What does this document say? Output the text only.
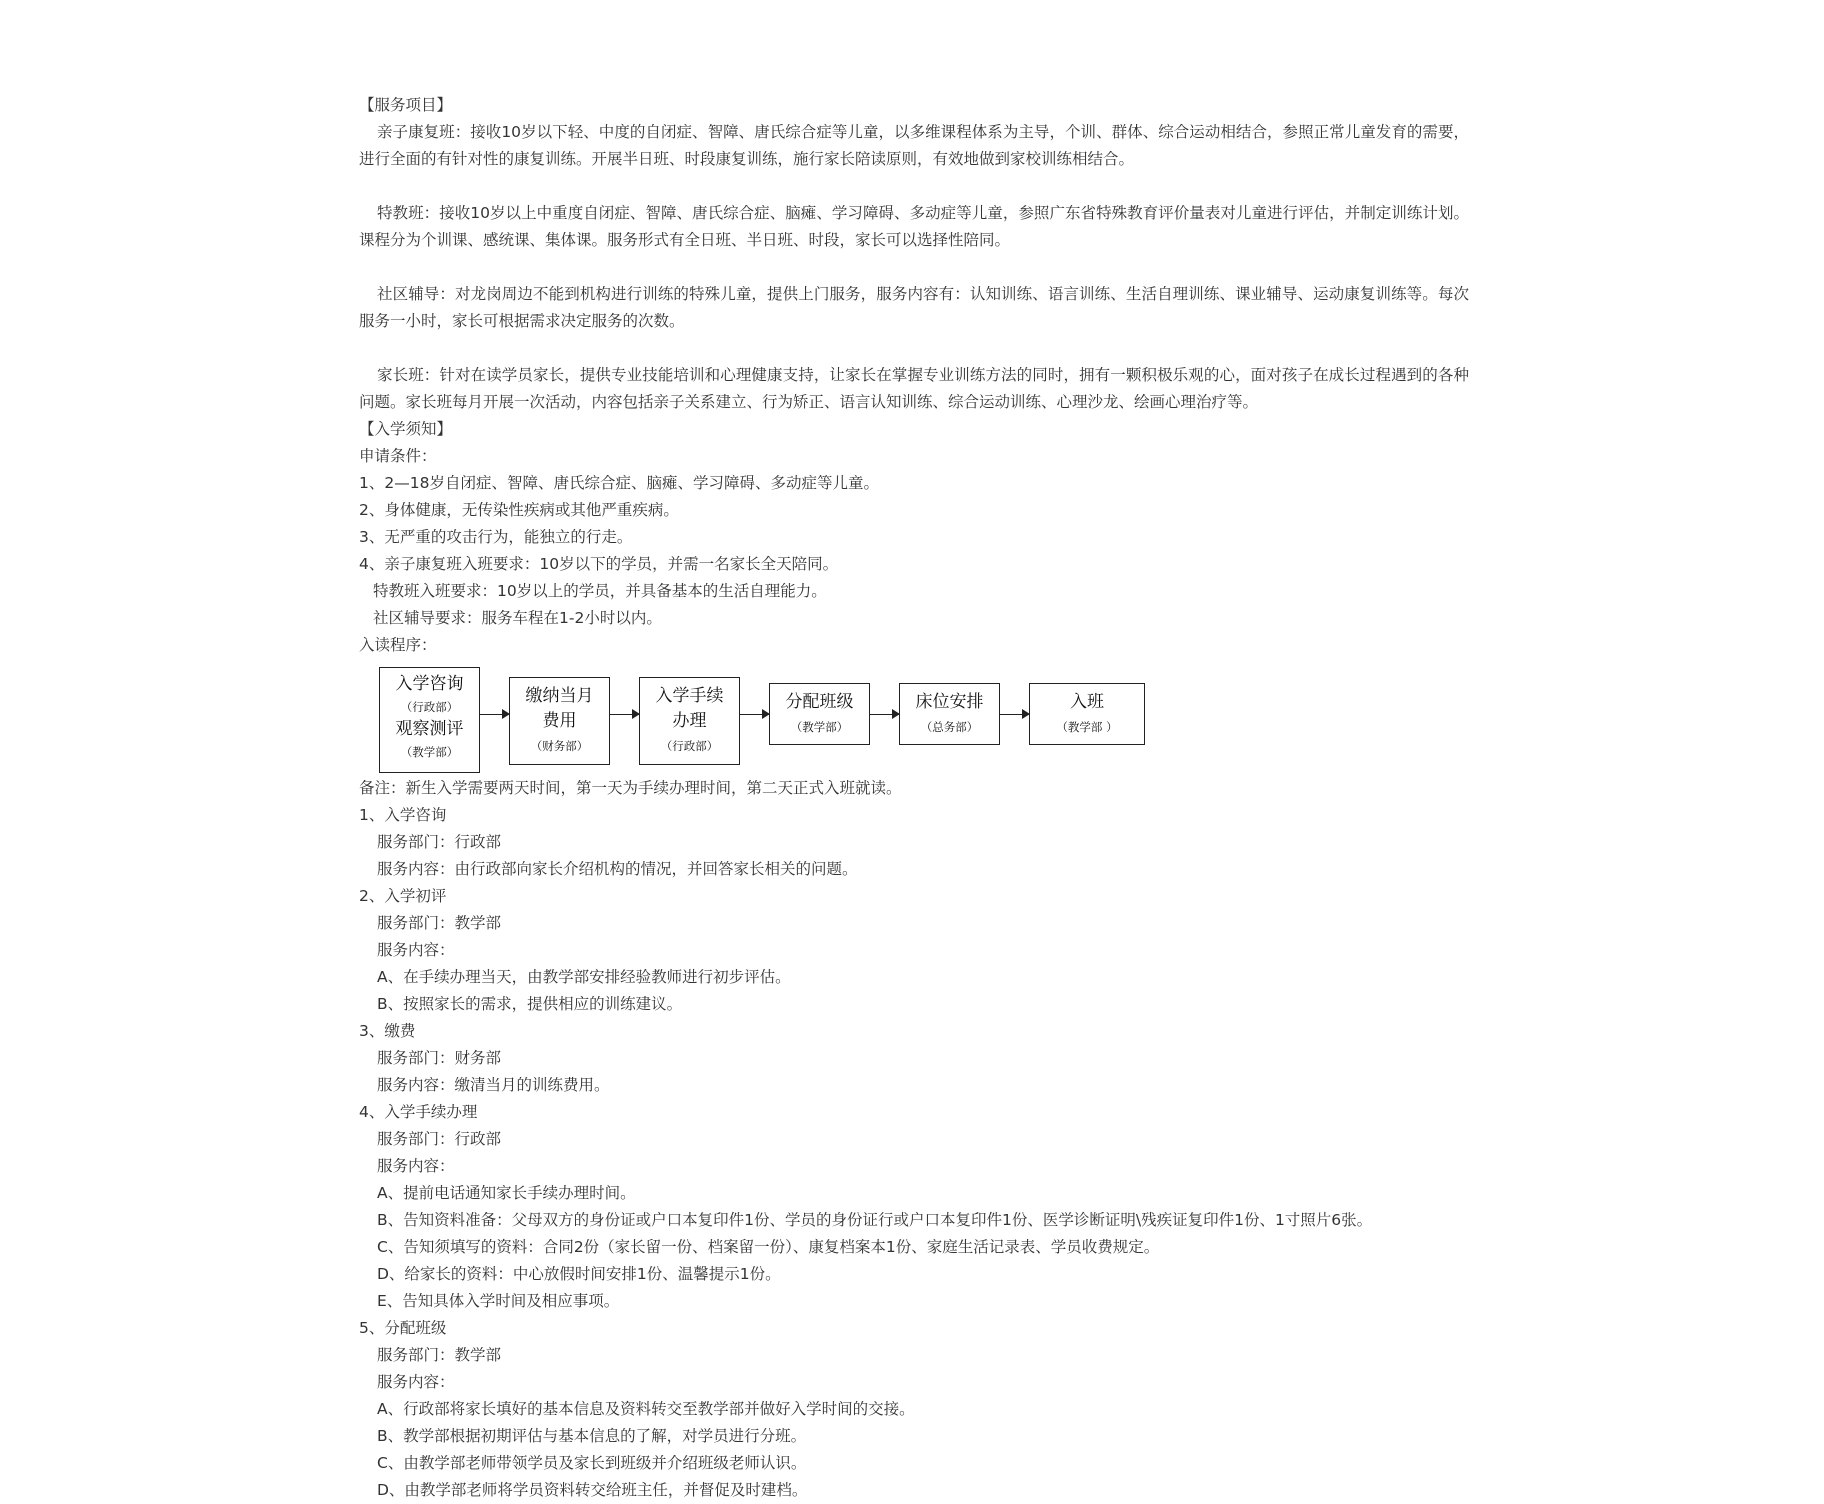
【服务项目】
亲子康复班：接收10岁以下轻、中度的自闭症、智障、唐氏综合症等儿童，以多维课程体系为主导，个训、群体、综合运动相结合，参照正常儿童发育的需要，进行全面的有针对性的康复训练。开展半日班、时段康复训练，施行家长陪读原则，有效地做到家校训练相结合。
特教班：接收10岁以上中重度自闭症、智障、唐氏综合症、脑瘫、学习障碍、多动症等儿童，参照广东省特殊教育评价量表对儿童进行评估，并制定训练计划。课程分为个训课、感统课、集体课。服务形式有全日班、半日班、时段，家长可以选择性陪同。
社区辅导：对龙岗周边不能到机构进行训练的特殊儿童，提供上门服务，服务内容有：认知训练、语言训练、生活自理训练、课业辅导、运动康复训练等。每次服务一小时，家长可根据需求决定服务的次数。
家长班：针对在读学员家长，提供专业技能培训和心理健康支持，让家长在掌握专业训练方法的同时，拥有一颗积极乐观的心，面对孩子在成长过程遇到的各种问题。家长班每月开展一次活动，内容包括亲子关系建立、行为矫正、语言认知训练、综合运动训练、心理沙龙、绘画心理治疗等。
【入学须知】
申请条件：
1、2—18岁自闭症、智障、唐氏综合症、脑瘫、学习障碍、多动症等儿童。
2、身体健康，无传染性疾病或其他严重疾病。
3、无严重的攻击行为，能独立的行走。
4、亲子康复班入班要求：10岁以下的学员，并需一名家长全天陪同。
特教班入班要求：10岁以上的学员，并具备基本的生活自理能力。
社区辅导要求：服务车程在1-2小时以内。
入读程序：
入学咨询
（行政部）
观察测评
（教学部）
缴纳当月
费用
（财务部）
入学手续
办理
（行政部）
分配班级
（教学部）
床位安排
（总务部）
入班
（教学部 ）
备注：新生入学需要两天时间，第一天为手续办理时间，第二天正式入班就读。
1、入学咨询
服务部门：行政部
服务内容：由行政部向家长介绍机构的情况，并回答家长相关的问题。
2、入学初评
服务部门：教学部
服务内容：
A、在手续办理当天，由教学部安排经验教师进行初步评估。
B、按照家长的需求，提供相应的训练建议。
3、缴费
服务部门：财务部
服务内容：缴清当月的训练费用。
4、入学手续办理
服务部门：行政部
服务内容：
A、提前电话通知家长手续办理时间。
B、告知资料准备：父母双方的身份证或户口本复印件1份、学员的身份证行或户口本复印件1份、医学诊断证明\残疾证复印件1份、1寸照片6张。
C、告知须填写的资料：合同2份（家长留一份、档案留一份）、康复档案本1份、家庭生活记录表、学员收费规定。
D、给家长的资料：中心放假时间安排1份、温馨提示1份。
E、告知具体入学时间及相应事项。
5、分配班级
服务部门：教学部
服务内容：
A、行政部将家长填好的基本信息及资料转交至教学部并做好入学时间的交接。
B、教学部根据初期评估与基本信息的了解，对学员进行分班。
C、由教学部老师带领学员及家长到班级并介绍班级老师认识。
D、由教学部老师将学员资料转交给班主任，并督促及时建档。
